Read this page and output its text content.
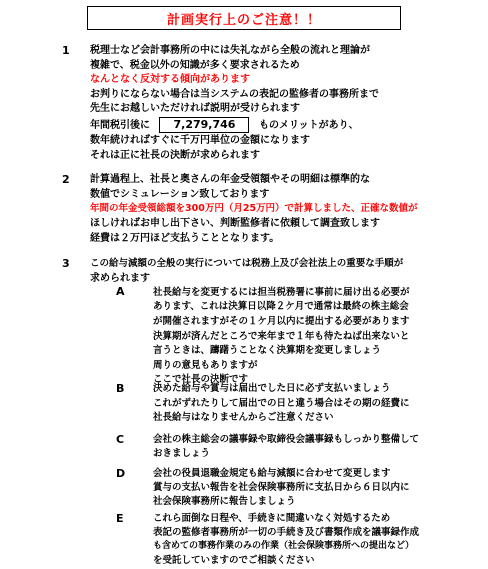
計画実行上のご注意！！
1 税理士など会計事務所の中には失礼ながら全般の流れと理論が
複雑で、税金以外の知識が多く要求されるため
なんとなく反対する傾向があります
お判りにならない場合は当システムの表記の監修者の事務所まで
先生にお越しいただければ説明が受けられます
年間税引後に 7,279,746 ものメリットがあり、
数年続ければすぐに千万円単位の金額になります
それは正に社長の決断が求められます
2 計算過程上、社長と奥さんの年金受領額やその明細は標準的な
数値でシミュレーション致しております
年間の年金受領総額を300万円（月25万円）で計算しました、正確な数値が
ほしければお申し出下さい、判断監修者に依頼して調査致します
経費は２万円ほど支払うこととなります。
3 この給与減額の全般の実行については税務上及び会社法上の重要な手順が
求められます
A	社長給与を変更するには担当税務署に事前に届け出る必要が
あります、これは決算日以降２ケ月で通常は最終の株主総会
が開催されますがその１ケ月以内に提出する必要があります
決算期が済んだところで来年まで１年も待たねば出来ないと
言うときは、躊躇うことなく決算期を変更しましょう
周りの意見もありますが
ここで社長の決断です
B	決めた給与や賞与は届出でした日に必ず支払いましょう
これがずれたりして届出での日と違う場合はその期の経費に
社長給与はなりませんからご注意ください
C	会社の株主総会の議事録や取締役会議事録もしっかり整備して
おきましょう
D	会社の役員退職金規定も給与減額に合わせて変更します
賞与の支払い報告を社会保険事務所に支払日から６日以内に
社会保険事務所に報告しましょう
E	これら面倒な日程や、手続きに間違いなく対処するため
表記の監修者事務所が一切の手続き及び書類作成を議事録作成
も含めての事務作業のみの作業（社会保険事務所への提出など）
を受託していますのでご相談ください
